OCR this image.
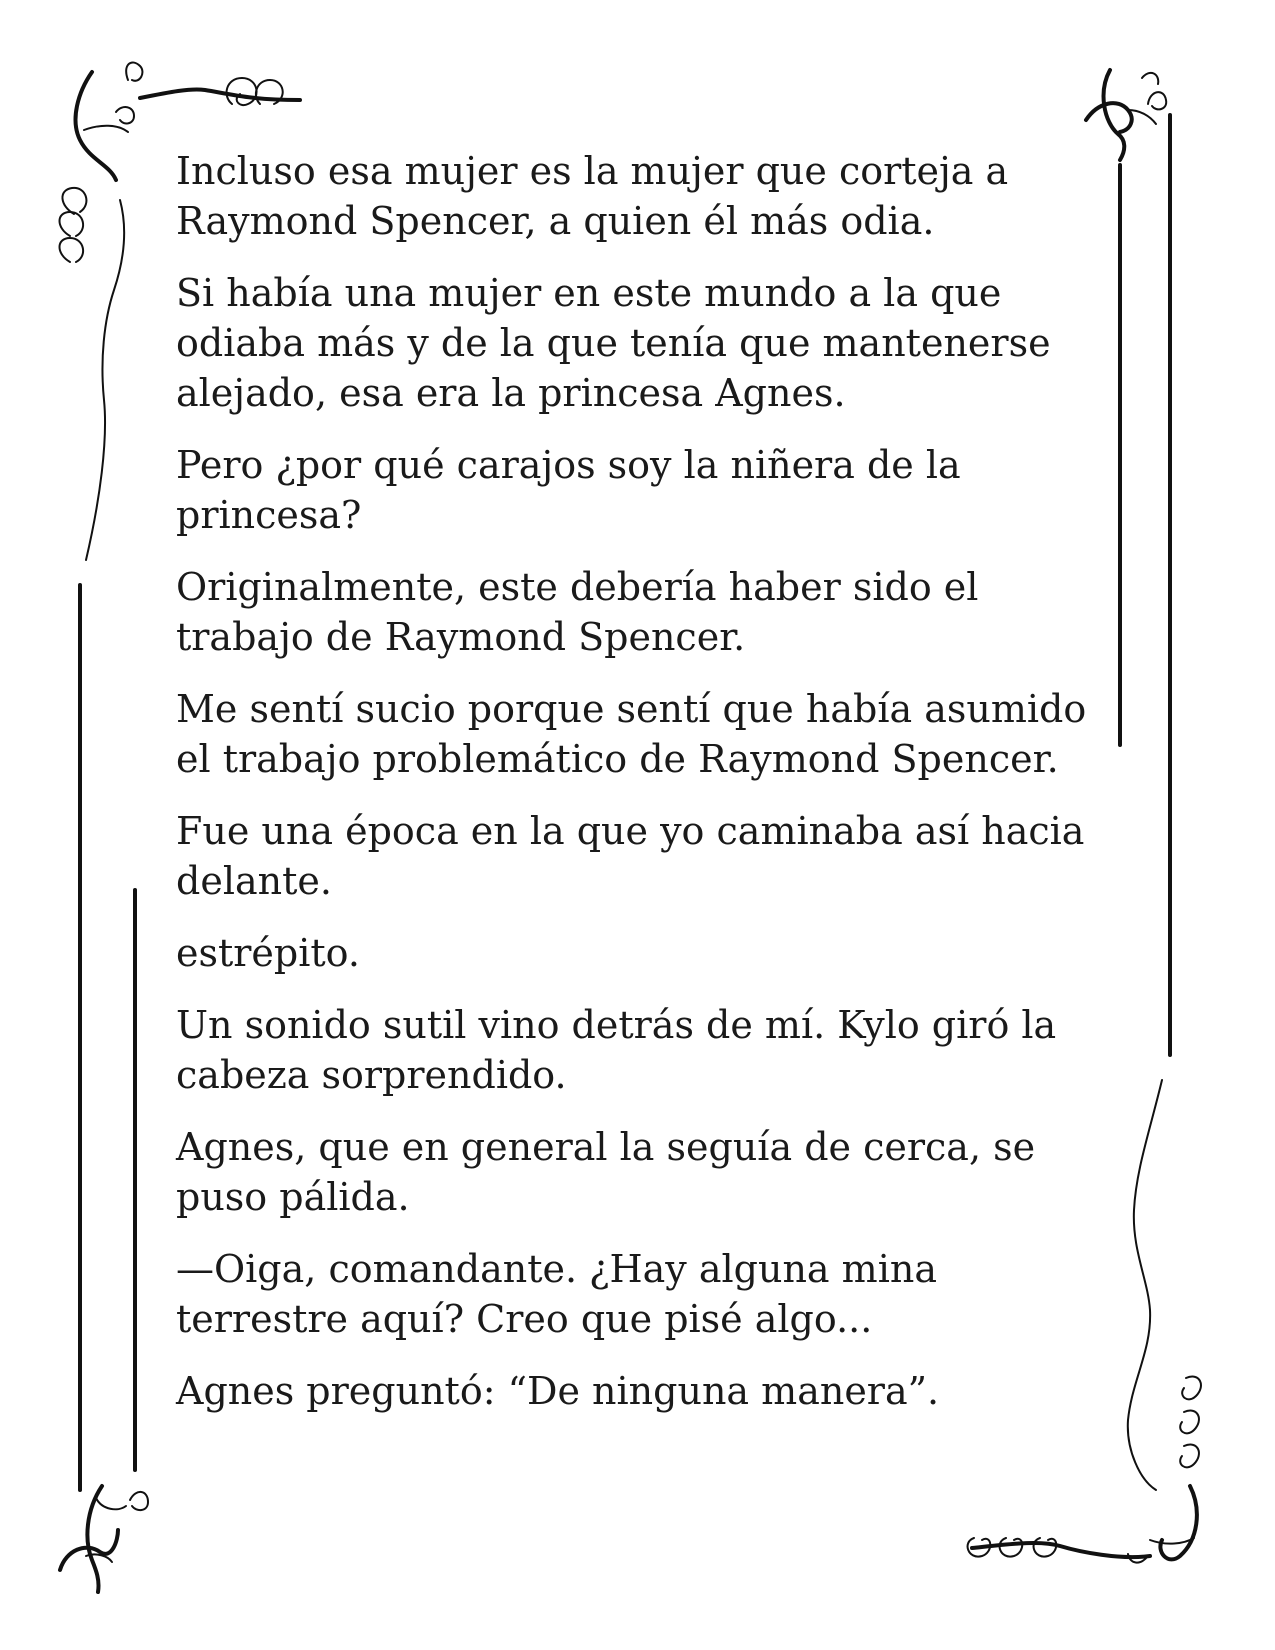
Incluso esa mujer es la mujer que corteja a Raymond Spencer, a quien él más odia.

Si había una mujer en este mundo a la que odiaba más y de la que tenía que mantenerse alejado, esa era la princesa Agnes.

Pero ¿por qué carajos soy la niñera de la princesa?

Originalmente, este debería haber sido el trabajo de Raymond Spencer.

Me sentí sucio porque sentí que había asumido el trabajo problemático de Raymond Spencer.

Fue una época en la que yo caminaba así hacia delante.

estrépito.

Un sonido sutil vino detrás de mí. Kylo giró la cabeza sorprendido.

Agnes, que en general la seguía de cerca, se puso pálida.

—Oiga, comandante. ¿Hay alguna mina terrestre aquí? Creo que pisé algo...

Agnes preguntó: “De ninguna manera”.
